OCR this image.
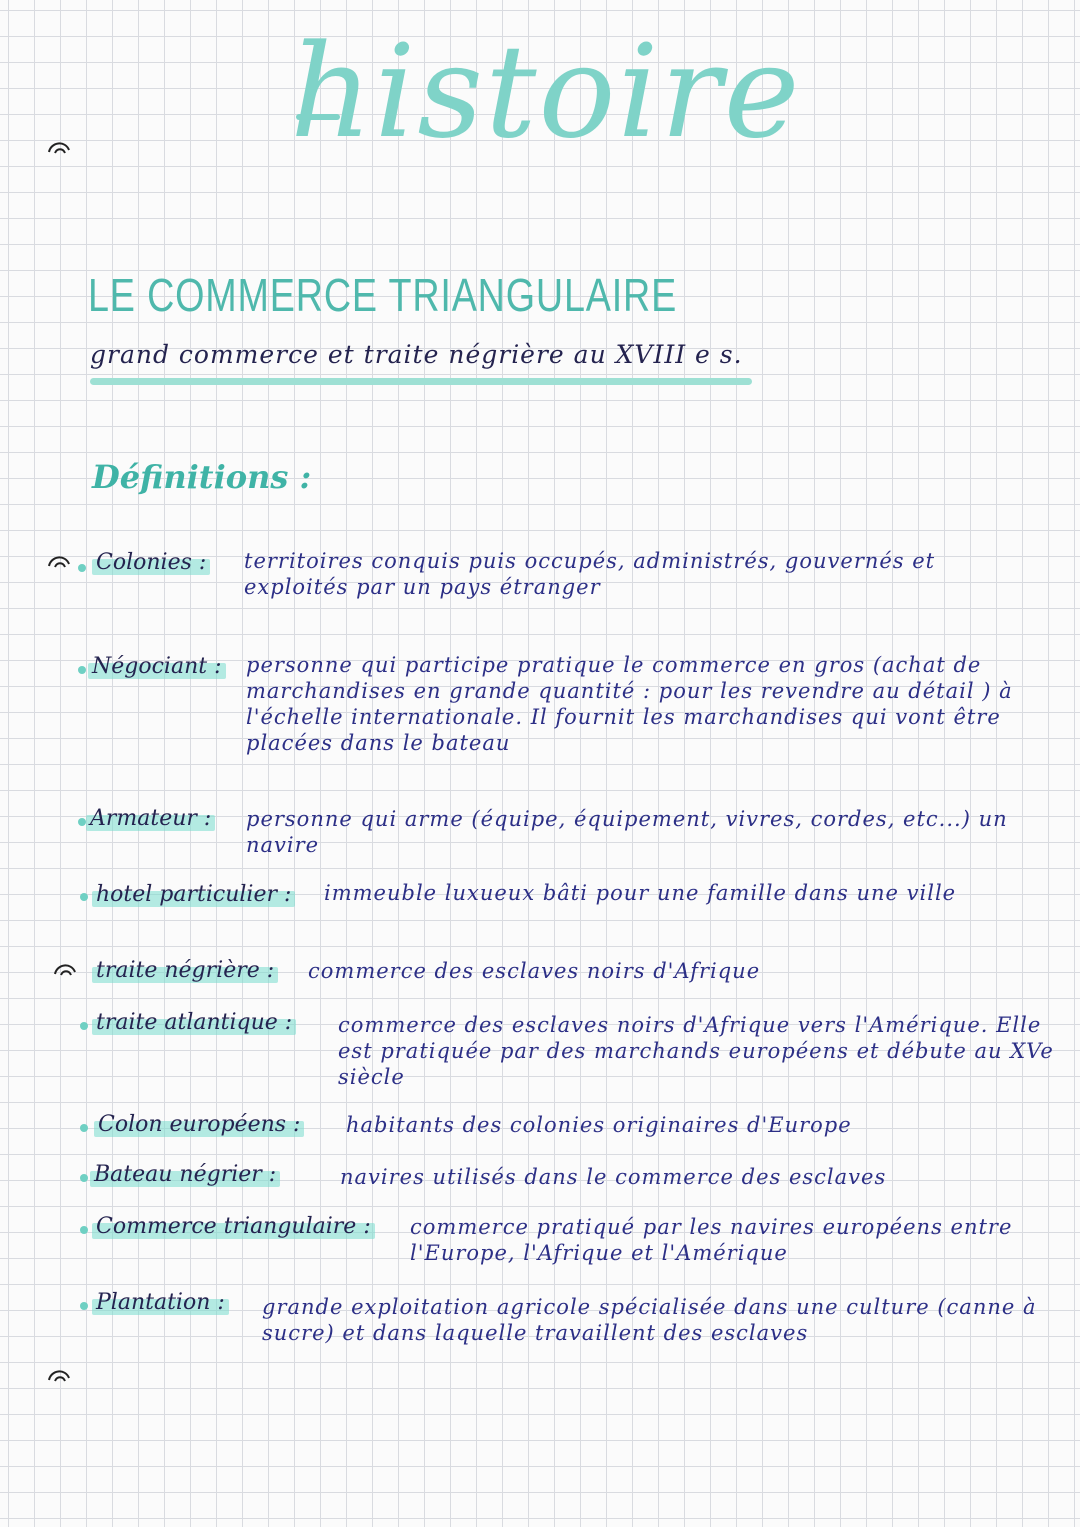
histoire
LE COMMERCE TRIANGULAIRE
grand commerce et traite négrière au XVIII e s.
Définitions :
Colonies : territoires conquis puis occupés, administrés, gouvernés et exploités par un pays étranger
Négociant : personne qui participe pratique le commerce en gros (achat de marchandises en grande quantité : pour les revendre au détail ) à l'échelle internationale. Il fournit les marchandises qui vont être placées dans le bateau
Armateur : personne qui arme (équipe, équipement, vivres, cordes, etc...) un navire
hotel particulier : immeuble luxueux bâti pour une famille dans une ville
traite négrière : commerce des esclaves noirs d'Afrique
traite atlantique : commerce des esclaves noirs d'Afrique vers l'Amérique. Elle est pratiquée par des marchands européens et débute au XVe siècle
Colon européens : habitants des colonies originaires d'Europe
Bateau négrier :	navires utilisés dans le commerce des esclaves
Commerce triangulaire : commerce pratiqué par les navires européens entre l'Europe, l'Afrique et l'Amérique
Plantation : grande exploitation agricole spécialisée dans une culture (canne à sucre) et dans laquelle travaillent des esclaves
